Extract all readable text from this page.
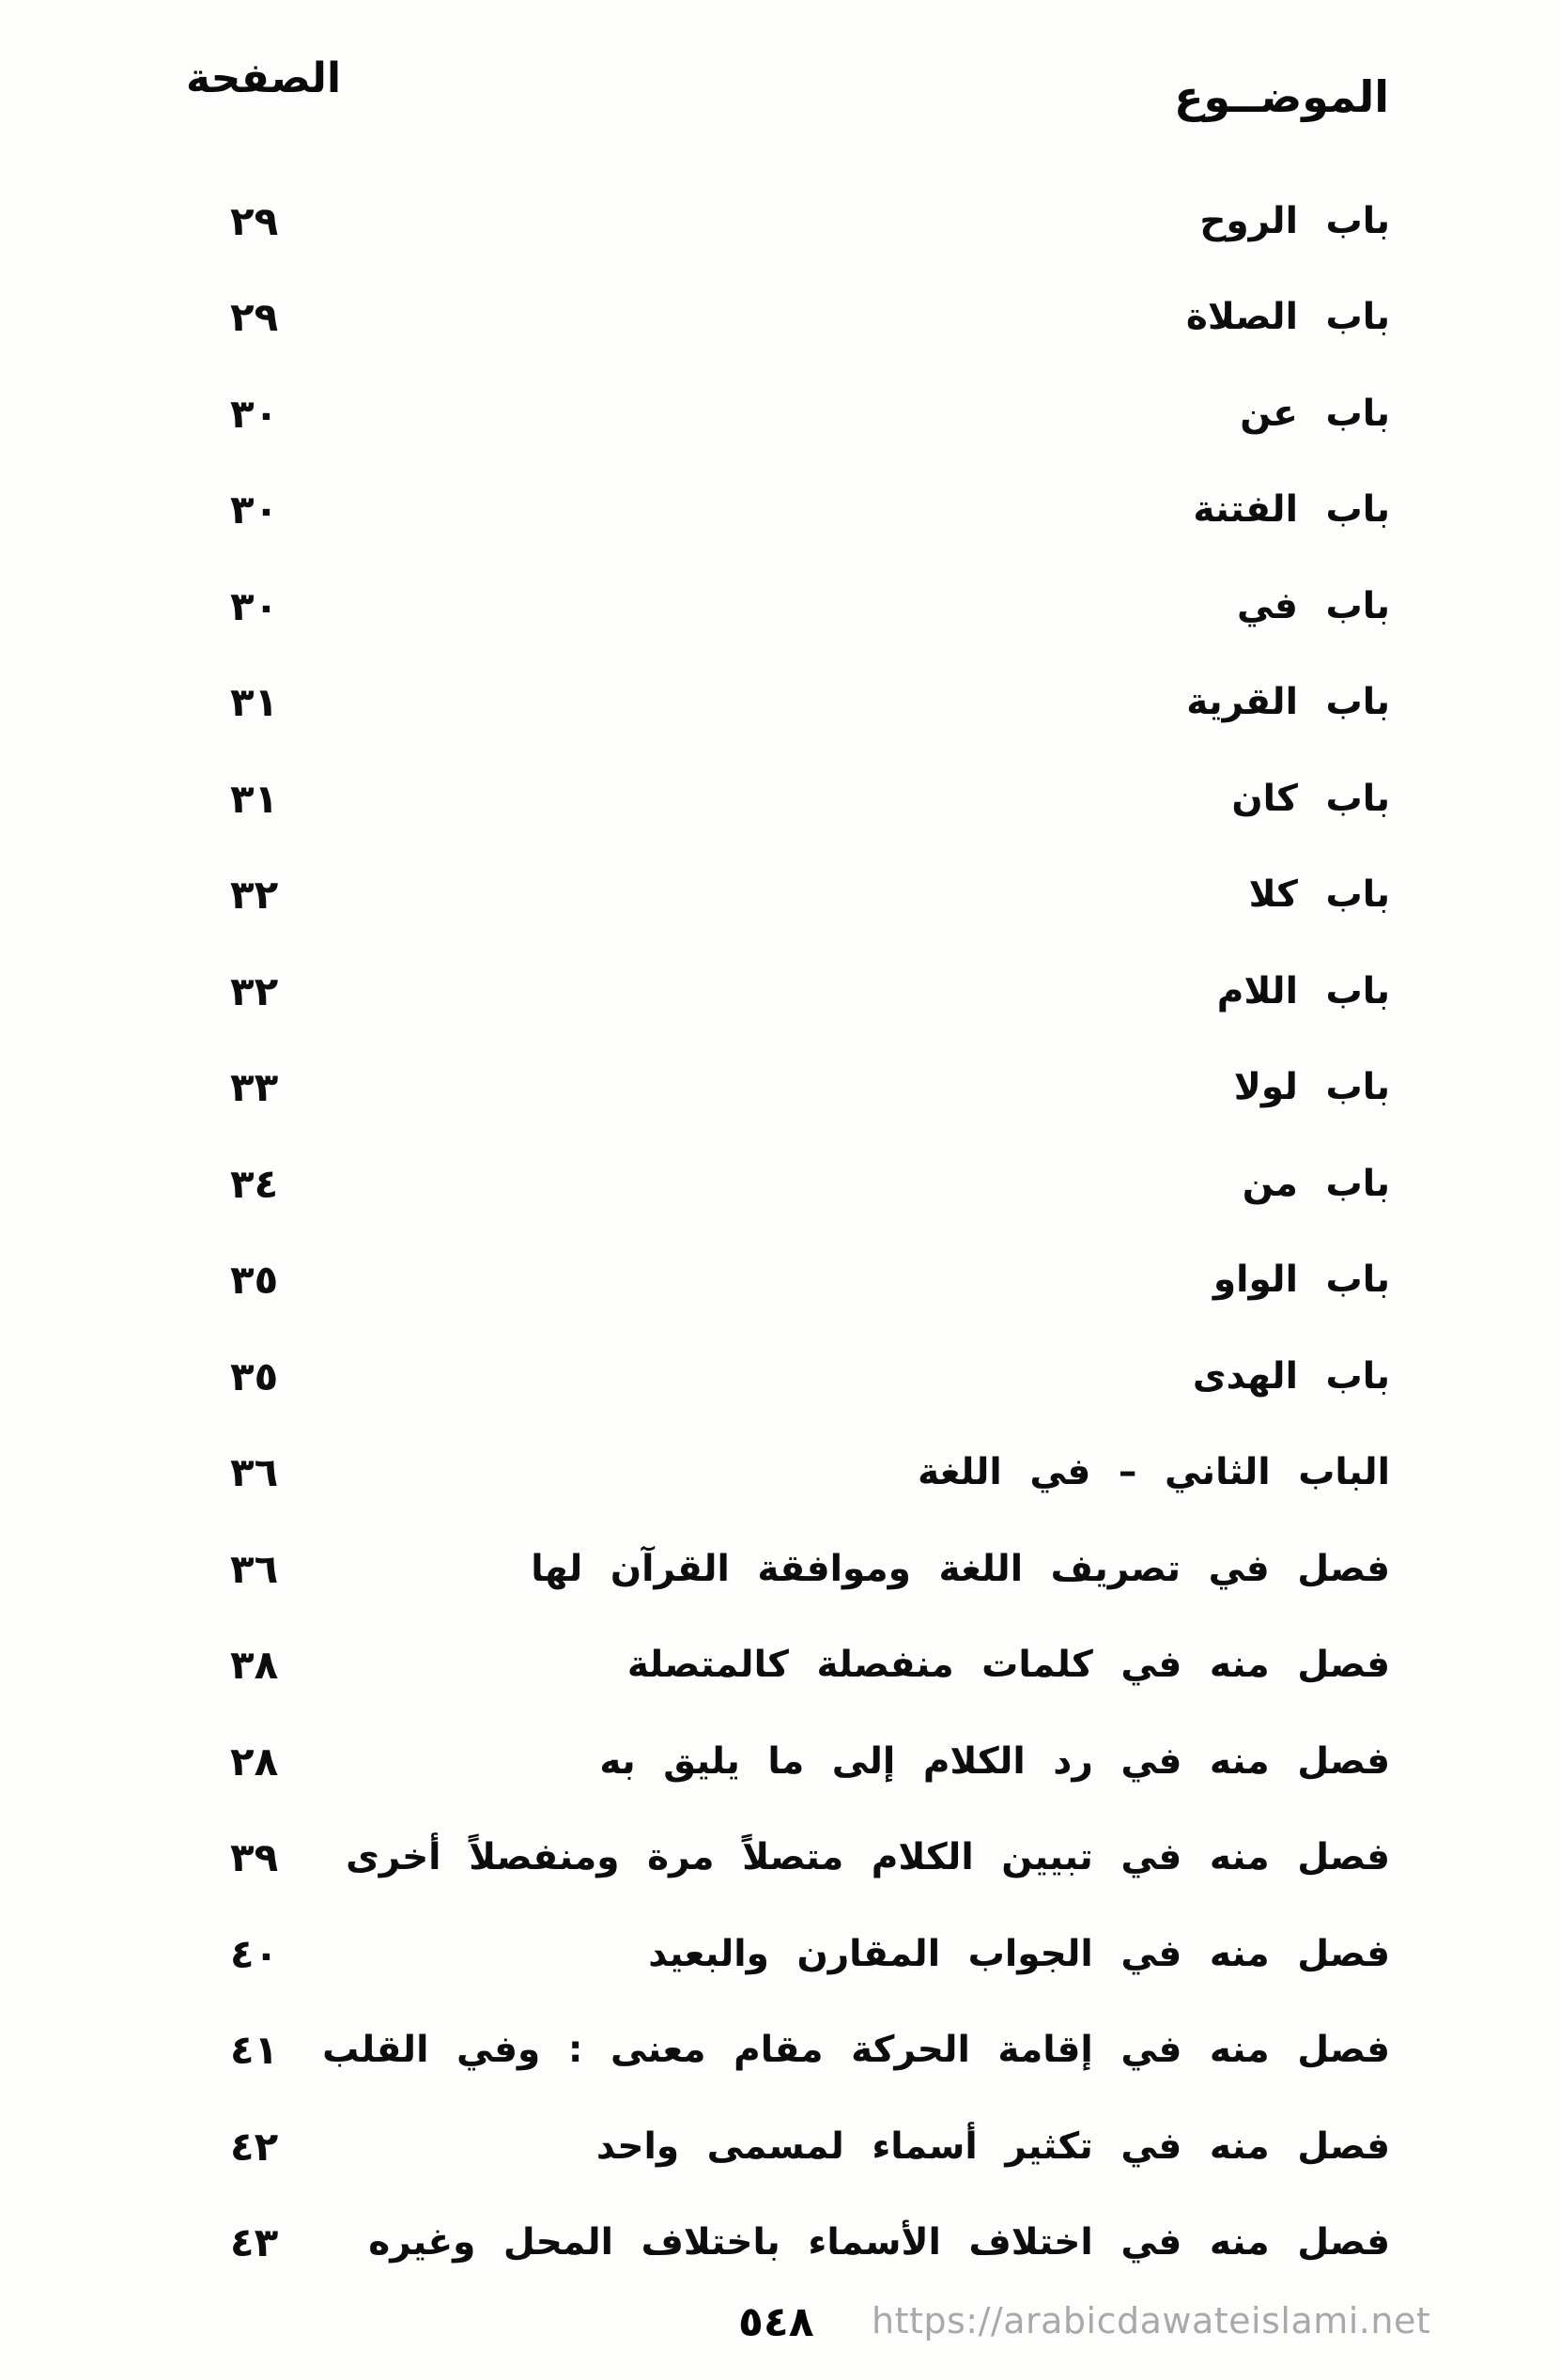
الموضــوع
الصفحة
باب الروح
٢٩
باب الصلاة
٢٩
باب عن
٣٠
باب الفتنة
٣٠
باب في
٣٠
باب القرية
٣١
باب كان
٣١
باب كلا
٣٢
باب اللام
٣٢
باب لولا
٣٣
باب من
٣٤
باب الواو
٣٥
باب الهدى
٣٥
الباب الثاني – في اللغة
٣٦
فصل في تصريف اللغة وموافقة القرآن لها
٣٦
فصل منه في كلمات منفصلة كالمتصلة
٣٨
فصل منه في رد الكلام إلى ما يليق به
٢٨
فصل منه في تبيين الكلام متصلاً مرة ومنفصلاً أخرى
٣٩
فصل منه في الجواب المقارن والبعيد
٤٠
فصل منه في إقامة الحركة مقام معنى : وفي القلب
٤١
فصل منه في تكثير أسماء لمسمى واحد
٤٢
فصل منه في اختلاف الأسماء باختلاف المحل وغيره
٤٣
٥٤٨ https://arabicdawateislami.net
